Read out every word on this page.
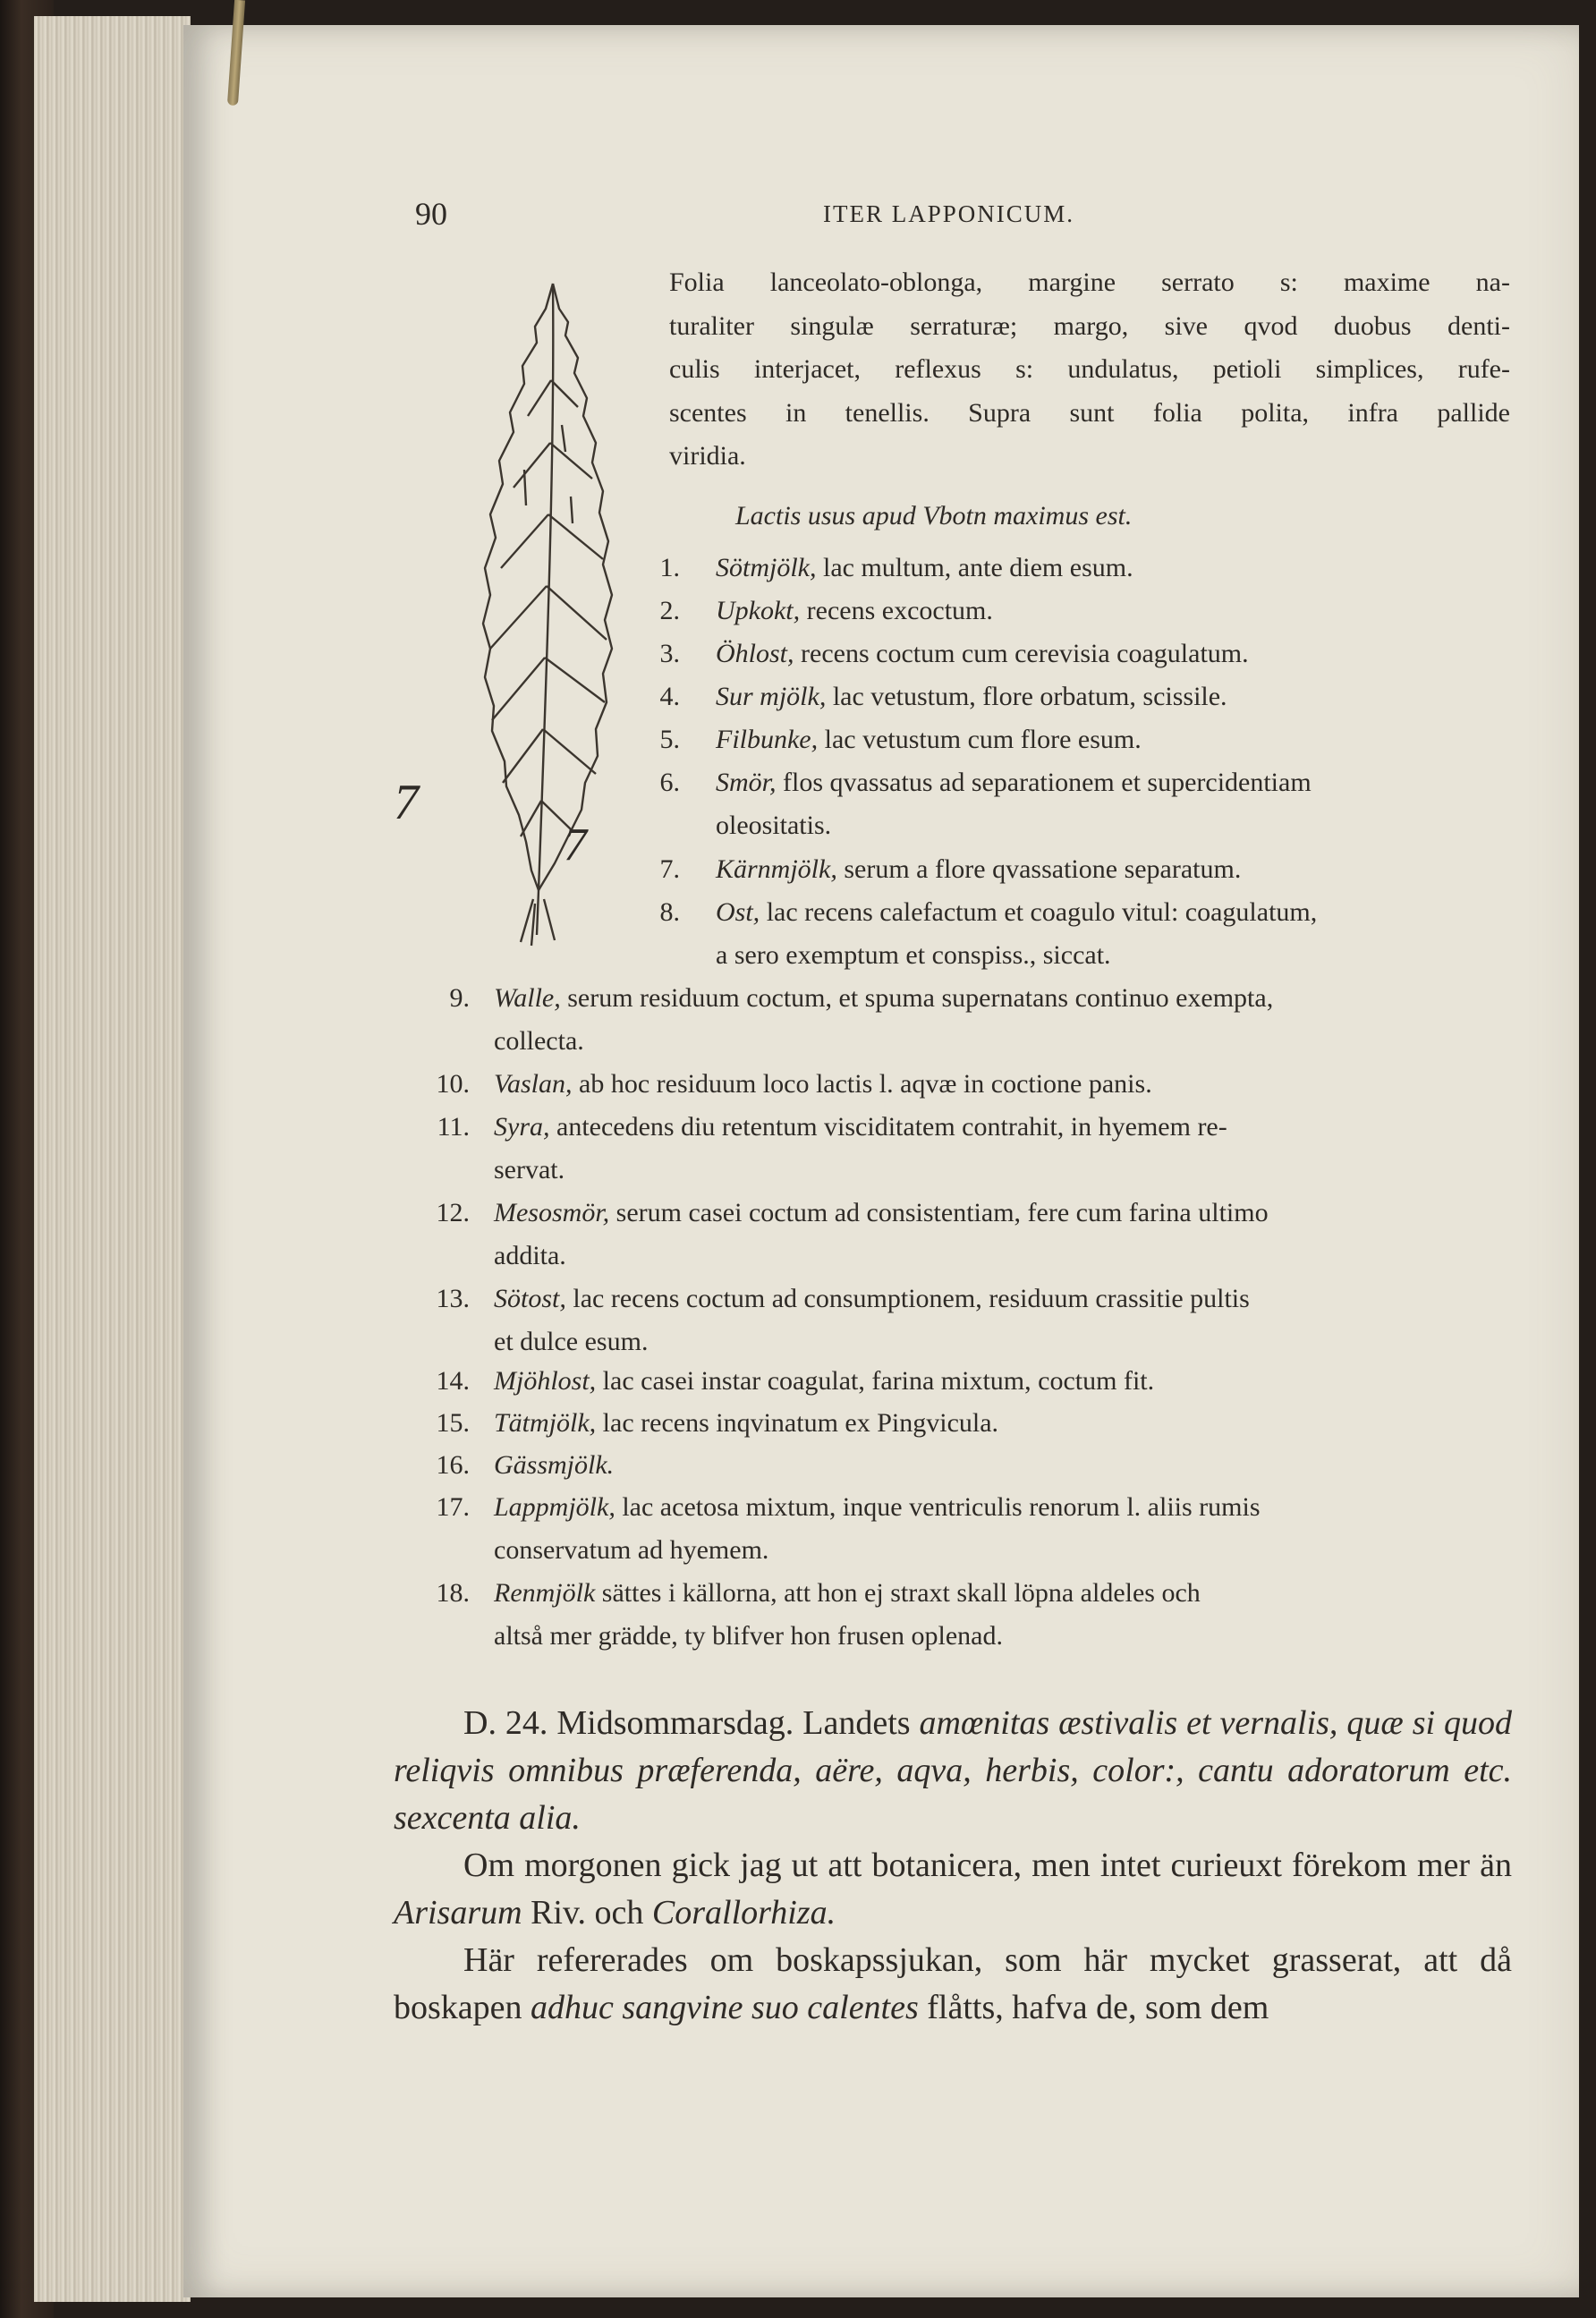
90	ITER LAPPONICUM.
7
7
Folia lanceolato-oblonga, margine serrato s: maxime na-
turaliter singulæ serraturæ; margo, sive qvod duobus denti-
culis interjacet, reflexus s: undulatus, petioli simplices, rufe-
scentes in tenellis. Supra sunt folia polita, infra pallide
viridia.
Lactis usus apud Vbotn maximus est.
1. Sötmjölk, lac multum, ante diem esum.
2. Upkokt, recens excoctum.
3. Öhlost, recens coctum cum cerevisia coagulatum.
4. Sur mjölk, lac vetustum, flore orbatum, scissile.
5. Filbunke, lac vetustum cum flore esum.
6. Smör, flos qvassatus ad separationem et supercidentiam
oleositatis.
7. Kärnmjölk, serum a flore qvassatione separatum.
8. Ost, lac recens calefactum et coagulo vitul: coagulatum,
a sero exemptum et conspiss., siccat.
9. Walle, serum residuum coctum, et spuma supernatans continuo exempta,
collecta.
10. Vaslan, ab hoc residuum loco lactis l. aqvæ in coctione panis.
11. Syra, antecedens diu retentum visciditatem contrahit, in hyemem re-
servat.
12. Mesosmör, serum casei coctum ad consistentiam, fere cum farina ultimo
addita.
13. Sötost, lac recens coctum ad consumptionem, residuum crassitie pultis
et dulce esum.
14. Mjöhlost, lac casei instar coagulat, farina mixtum, coctum fit.
15. Tätmjölk, lac recens inqvinatum ex Pingvicula.
16. Gässmjölk.
17. Lappmjölk, lac acetosa mixtum, inque ventriculis renorum l. aliis rumis
conservatum ad hyemem.
18. Renmjölk sättes i källorna, att hon ej straxt skall löpna aldeles och
altså mer grädde, ty blifver hon frusen oplenad.

D. 24. Midsommarsdag. Landets amœnitas æstivalis et vernalis, quæ si quod reliqvis omnibus præferenda, aëre, aqva, herbis, color:, cantu adoratorum etc. sexcenta alia.

Om morgonen gick jag ut att botanicera, men intet curieuxt förekom mer än Arisarum Riv. och Corallorhiza.

Här refererades om boskapssjukan, som här mycket grasserat, att då boskapen adhuc sangvine suo calentes flåtts, hafva de, som dem
